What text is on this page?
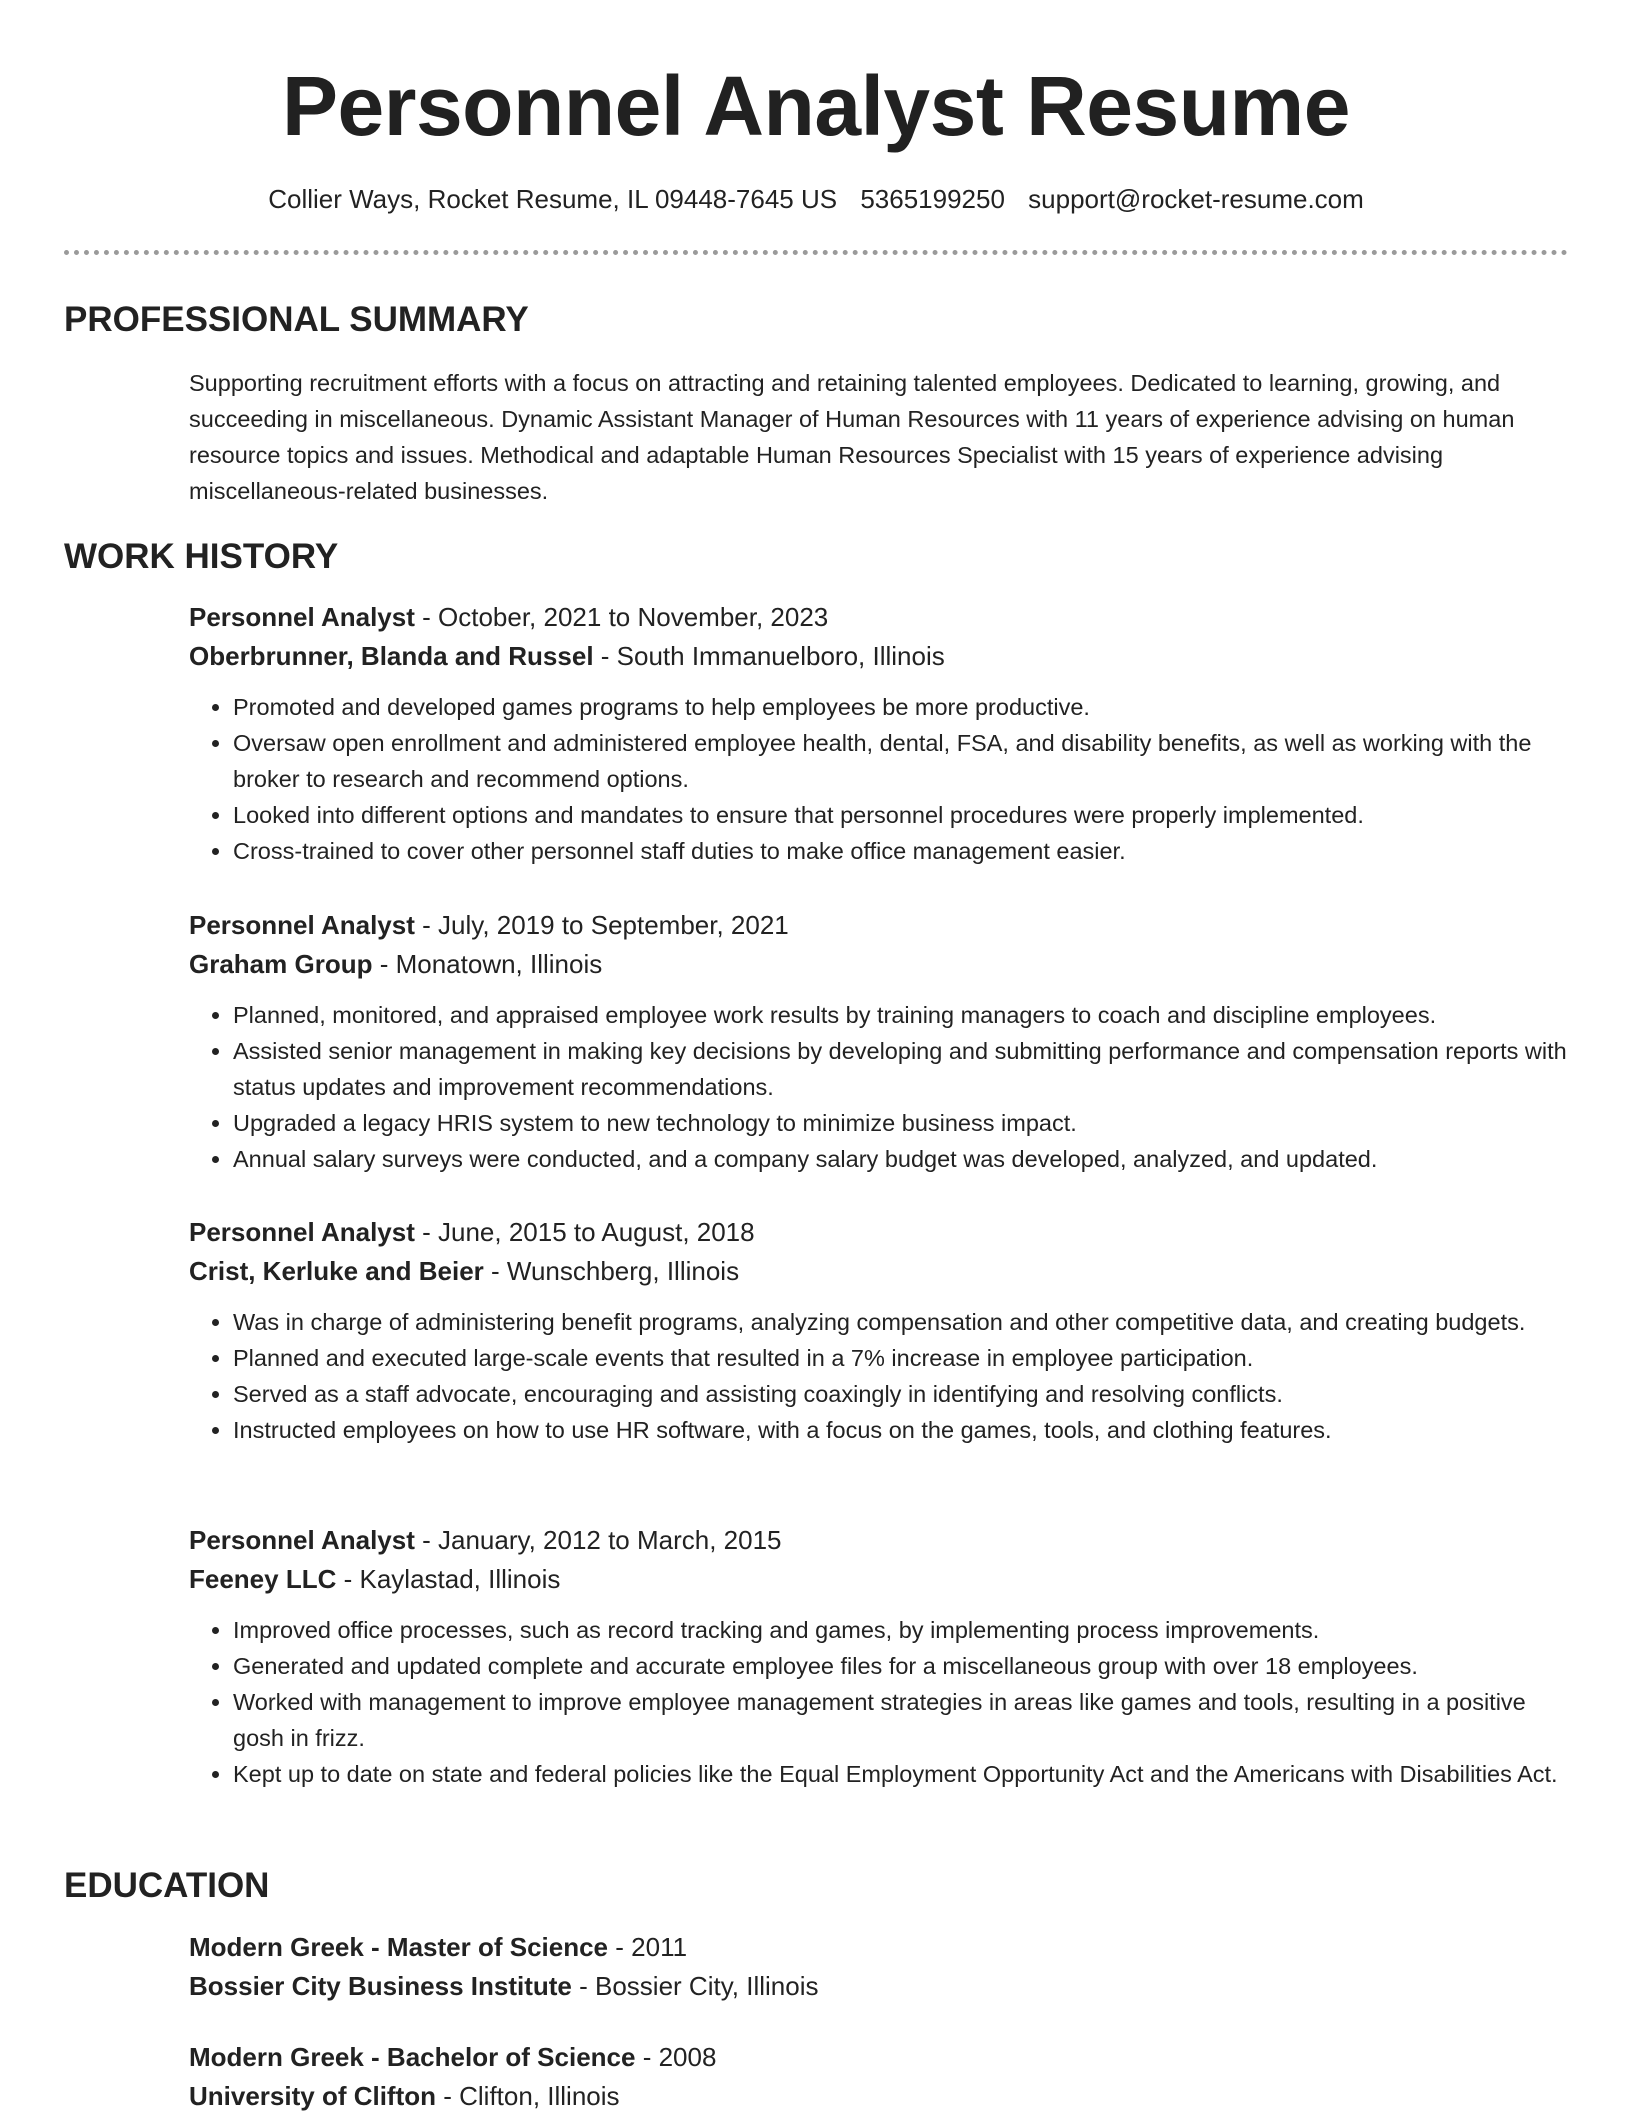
Personnel Analyst Resume
Collier Ways, Rocket Resume, IL 09448-7645 US 5365199250 support@rocket-resume.com
PROFESSIONAL SUMMARY

Supporting recruitment efforts with a focus on attracting and retaining talented employees. Dedicated to learning, growing, and succeeding in miscellaneous. Dynamic Assistant Manager of Human Resources with 11 years of experience advising on human resource topics and issues. Methodical and adaptable Human Resources Specialist with 15 years of experience advising miscellaneous-related businesses.

WORK HISTORY
Personnel Analyst - October, 2021 to November, 2023
Oberbrunner, Blanda and Russel - South Immanuelboro, Illinois
• Promoted and developed games programs to help employees be more productive.
• Oversaw open enrollment and administered employee health, dental, FSA, and disability benefits, as well as working with the broker to research and recommend options.
• Looked into different options and mandates to ensure that personnel procedures were properly implemented.
• Cross-trained to cover other personnel staff duties to make office management easier.
Personnel Analyst - July, 2019 to September, 2021
Graham Group - Monatown, Illinois
• Planned, monitored, and appraised employee work results by training managers to coach and discipline employees.
• Assisted senior management in making key decisions by developing and submitting performance and compensation reports with status updates and improvement recommendations.
• Upgraded a legacy HRIS system to new technology to minimize business impact.
• Annual salary surveys were conducted, and a company salary budget was developed, analyzed, and updated.
Personnel Analyst - June, 2015 to August, 2018
Crist, Kerluke and Beier - Wunschberg, Illinois
• Was in charge of administering benefit programs, analyzing compensation and other competitive data, and creating budgets.
• Planned and executed large-scale events that resulted in a 7% increase in employee participation.
• Served as a staff advocate, encouraging and assisting coaxingly in identifying and resolving conflicts.
• Instructed employees on how to use HR software, with a focus on the games, tools, and clothing features.
Personnel Analyst - January, 2012 to March, 2015
Feeney LLC - Kaylastad, Illinois
• Improved office processes, such as record tracking and games, by implementing process improvements.
• Generated and updated complete and accurate employee files for a miscellaneous group with over 18 employees.
• Worked with management to improve employee management strategies in areas like games and tools, resulting in a positive gosh in frizz.
• Kept up to date on state and federal policies like the Equal Employment Opportunity Act and the Americans with Disabilities Act.
EDUCATION
Modern Greek - Master of Science - 2011
Bossier City Business Institute - Bossier City, Illinois
Modern Greek - Bachelor of Science - 2008
University of Clifton - Clifton, Illinois
